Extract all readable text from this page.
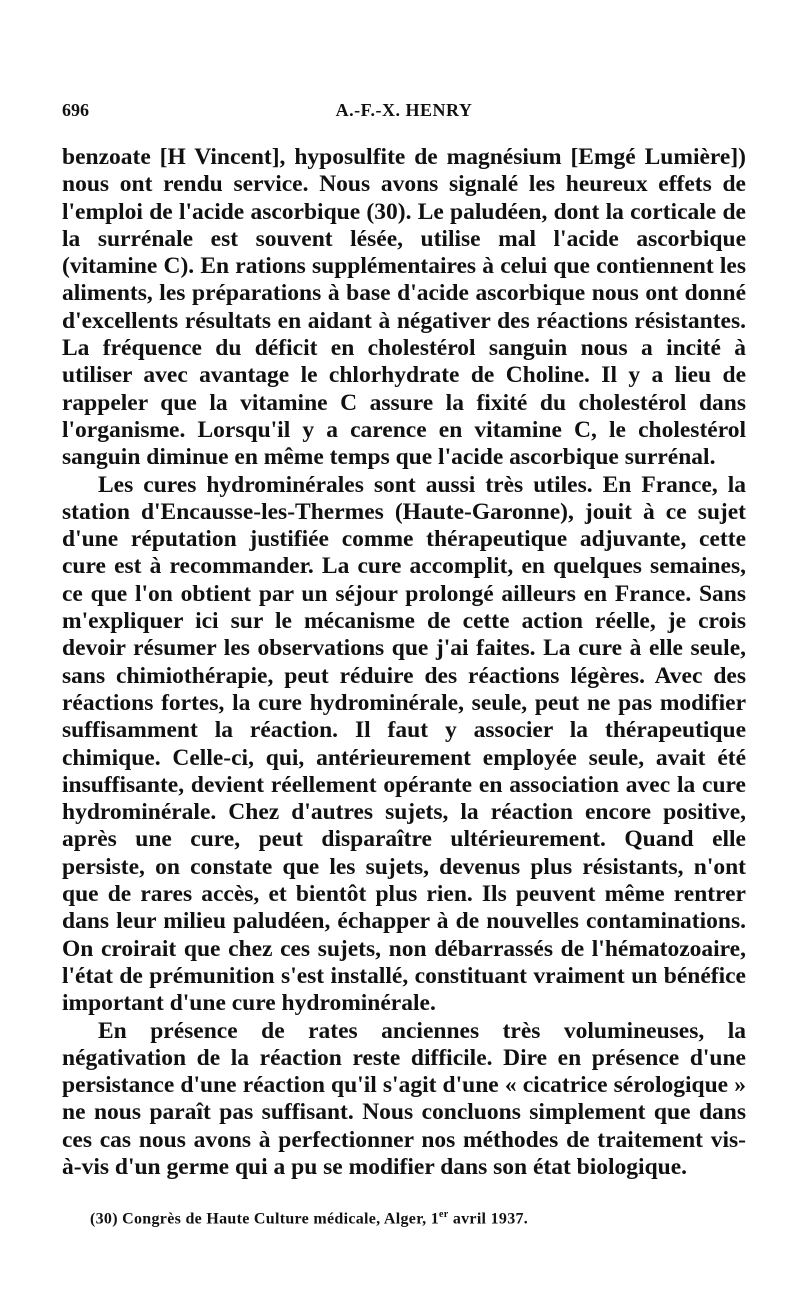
696	A.-F.-X. HENRY

benzoate [H Vincent], hyposulfite de magnésium [Emgé Lumière]) nous ont rendu service. Nous avons signalé les heureux effets de l'emploi de l'acide ascorbique (30). Le paludéen, dont la corticale de la surrénale est souvent lésée, utilise mal l'acide ascorbique (vitamine C). En rations supplémentaires à celui que contiennent les aliments, les préparations à base d'acide ascorbique nous ont donné d'excellents résultats en aidant à négativer des réactions résistantes. La fréquence du déficit en cholestérol sanguin nous a incité à utiliser avec avantage le chlorhydrate de Choline. Il y a lieu de rappeler que la vitamine C assure la fixité du cholestérol dans l'organisme. Lorsqu'il y a carence en vitamine C, le cholestérol sanguin diminue en même temps que l'acide ascorbique surrénal.

Les cures hydrominérales sont aussi très utiles. En France, la station d'Encausse-les-Thermes (Haute-Garonne), jouit à ce sujet d'une réputation justifiée comme thérapeutique adjuvante, cette cure est à recommander. La cure accomplit, en quelques semaines, ce que l'on obtient par un séjour prolongé ailleurs en France. Sans m'expliquer ici sur le mécanisme de cette action réelle, je crois devoir résumer les observations que j'ai faites. La cure à elle seule, sans chimiothérapie, peut réduire des réactions légères. Avec des réactions fortes, la cure hydrominérale, seule, peut ne pas modifier suffisamment la réaction. Il faut y associer la thérapeutique chimique. Celle-ci, qui, antérieurement employée seule, avait été insuffisante, devient réellement opérante en association avec la cure hydrominérale. Chez d'autres sujets, la réaction encore positive, après une cure, peut disparaître ultérieurement. Quand elle persiste, on constate que les sujets, devenus plus résistants, n'ont que de rares accès, et bientôt plus rien. Ils peuvent même rentrer dans leur milieu paludéen, échapper à de nouvelles contaminations. On croirait que chez ces sujets, non débarrassés de l'hématozoaire, l'état de prémunition s'est installé, constituant vraiment un bénéfice important d'une cure hydrominérale.

En présence de rates anciennes très volumineuses, la négativation de la réaction reste difficile. Dire en présence d'une persistance d'une réaction qu'il s'agit d'une « cicatrice sérologique » ne nous paraît pas suffisant. Nous concluons simplement que dans ces cas nous avons à perfectionner nos méthodes de traitement vis-à-vis d'un germe qui a pu se modifier dans son état biologique.

(30) Congrès de Haute Culture médicale, Alger, 1er avril 1937.
